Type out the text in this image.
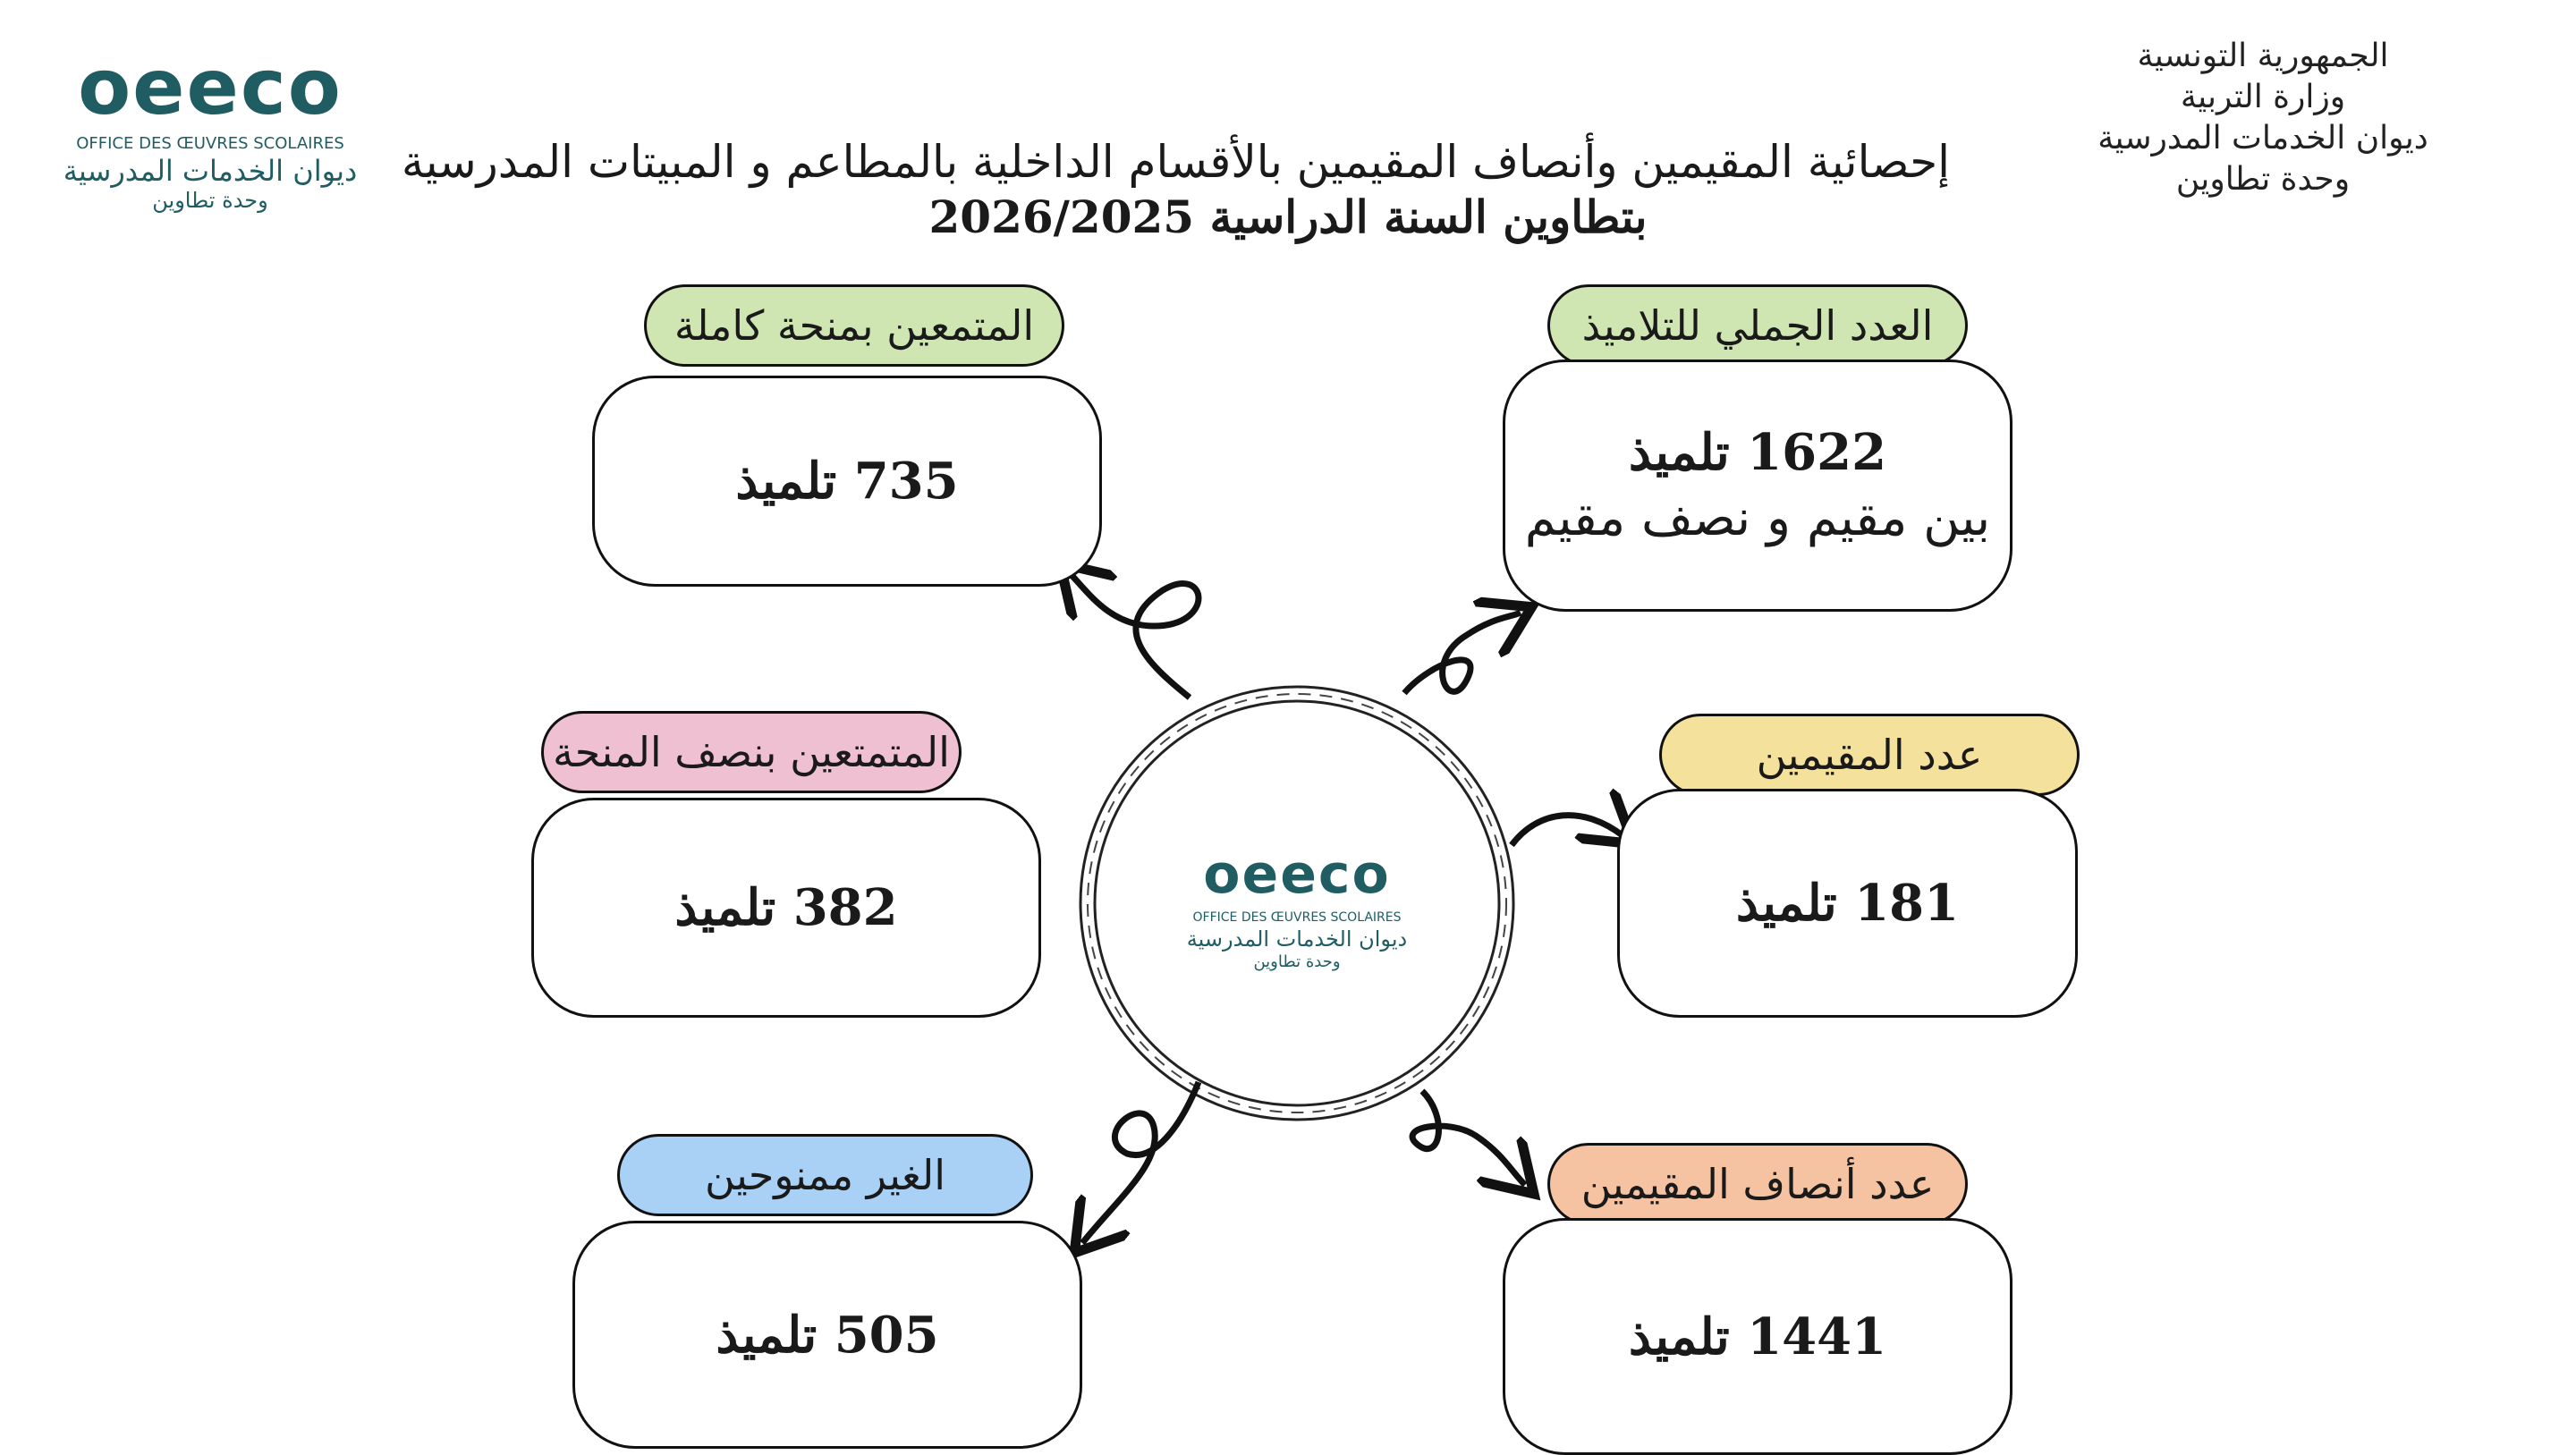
الجمهورية التونسية
وزارة التربية
ديوان الخدمات المدرسية
وحدة تطاوين
oeeco
OFFICE DES ŒUVRES SCOLAIRES
ديوان الخدمات المدرسية
وحدة تطاوين
إحصائية المقيمين وأنصاف المقيمين بالأقسام الداخلية بالمطاعم و المبيتات المدرسية
بتطاوين السنة الدراسية 2026/2025
oeeco
OFFICE DES ŒUVRES SCOLAIRES
ديوان الخدمات المدرسية
وحدة تطاوين
العدد الجملي للتلاميذ
1622 تلميذ
بين مقيم و نصف مقيم
المتمعين بمنحة كاملة
735 تلميذ
عدد المقيمين
181 تلميذ
المتمتعين بنصف المنحة
382 تلميذ
عدد أنصاف المقيمين
1441 تلميذ
الغير ممنوحين
505 تلميذ
